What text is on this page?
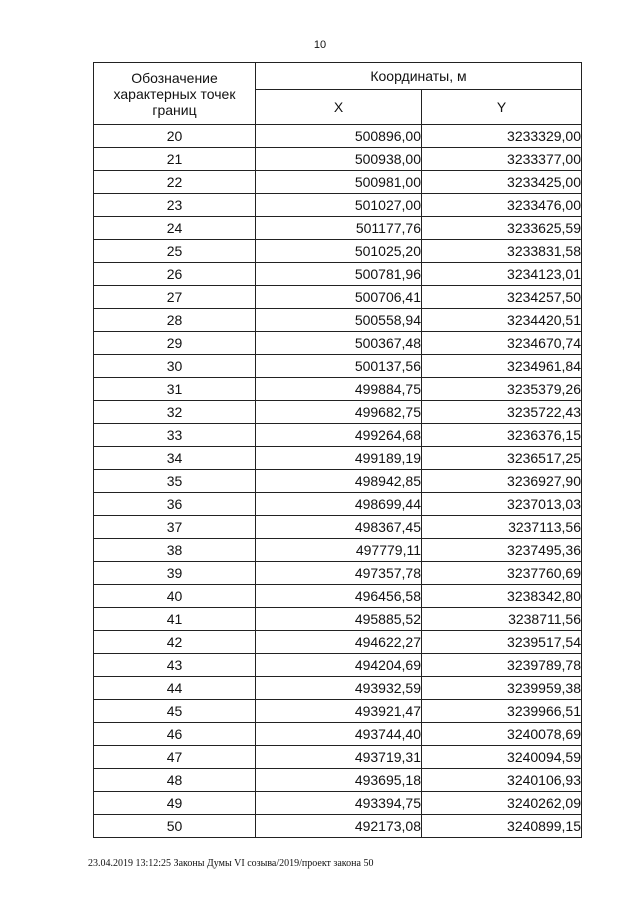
10
Обозначение характерных точек границ	Координаты, м	
	X	Y
20	500896,00	3233329,00
21	500938,00	3233377,00
22	500981,00	3233425,00
23	501027,00	3233476,00
24	501177,76	3233625,59
25	501025,20	3233831,58
26	500781,96	3234123,01
27	500706,41	3234257,50
28	500558,94	3234420,51
29	500367,48	3234670,74
30	500137,56	3234961,84
31	499884,75	3235379,26
32	499682,75	3235722,43
33	499264,68	3236376,15
34	499189,19	3236517,25
35	498942,85	3236927,90
36	498699,44	3237013,03
37	498367,45	3237113,56
38	497779,11	3237495,36
39	497357,78	3237760,69
40	496456,58	3238342,80
41	495885,52	3238711,56
42	494622,27	3239517,54
43	494204,69	3239789,78
44	493932,59	3239959,38
45	493921,47	3239966,51
46	493744,40	3240078,69
47	493719,31	3240094,59
48	493695,18	3240106,93
49	493394,75	3240262,09
50	492173,08	3240899,15
23.04.2019 13:12:25 Законы Думы VI созыва/2019/проект закона 50
